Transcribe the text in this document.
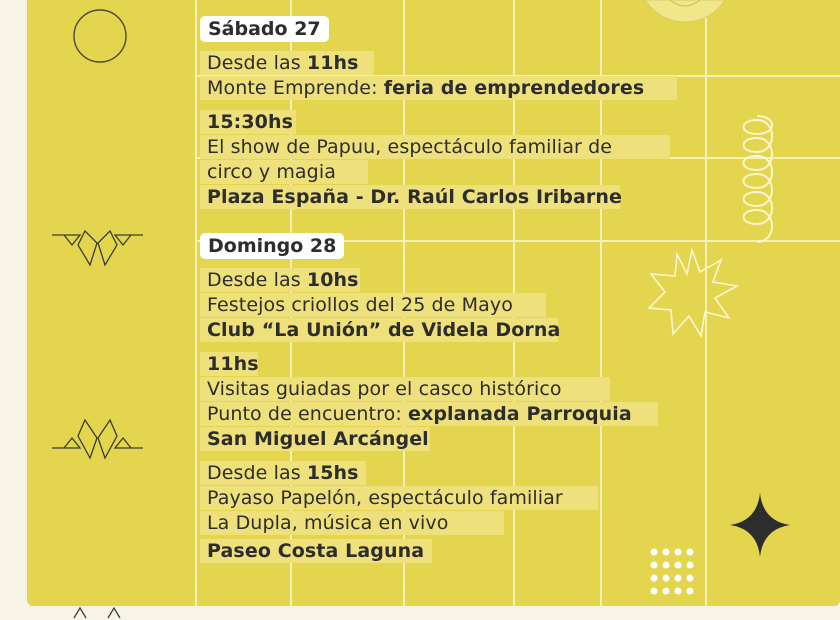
Sábado 27
Desde las 11hs
Monte Emprende: feria de emprendedores
15:30hs
El show de Papuu, espectáculo familiar de
circo y magia
Plaza España - Dr. Raúl Carlos Iribarne
Domingo 28
Desde las 10hs
Festejos criollos del 25 de Mayo
Club “La Unión” de Videla Dorna
11hs
Visitas guiadas por el casco histórico
Punto de encuentro: explanada Parroquia
San Miguel Arcángel
Desde las 15hs
Payaso Papelón, espectáculo familiar
La Dupla, música en vivo
Paseo Costa Laguna
